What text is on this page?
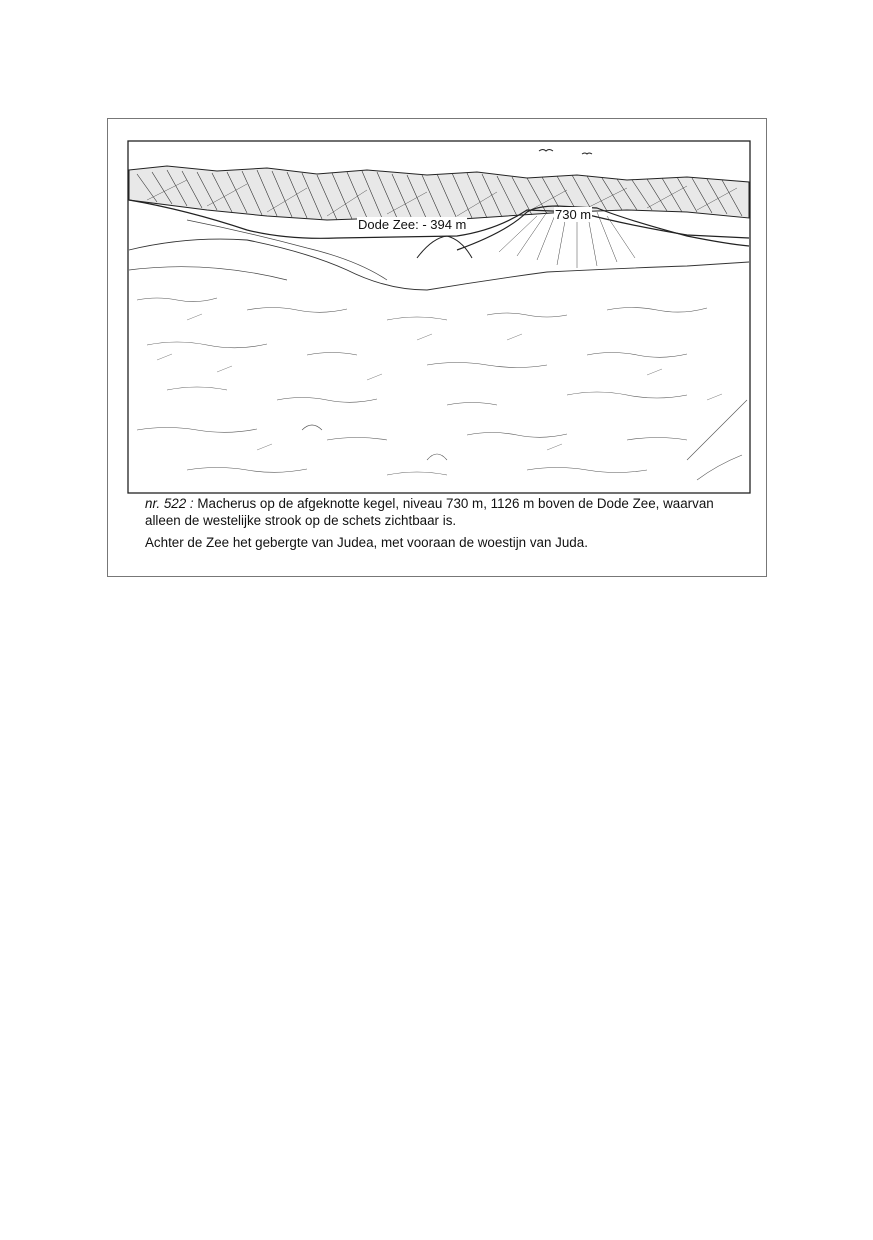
Dode Zee: - 394 m
730 m

nr. 522 : Macherus op de afgeknotte kegel, niveau 730 m, 1126 m boven de Dode Zee, waarvan alleen de westelijke strook op de schets zichtbaar is.

Achter de Zee het gebergte van Judea, met vooraan de woestijn van Juda.
